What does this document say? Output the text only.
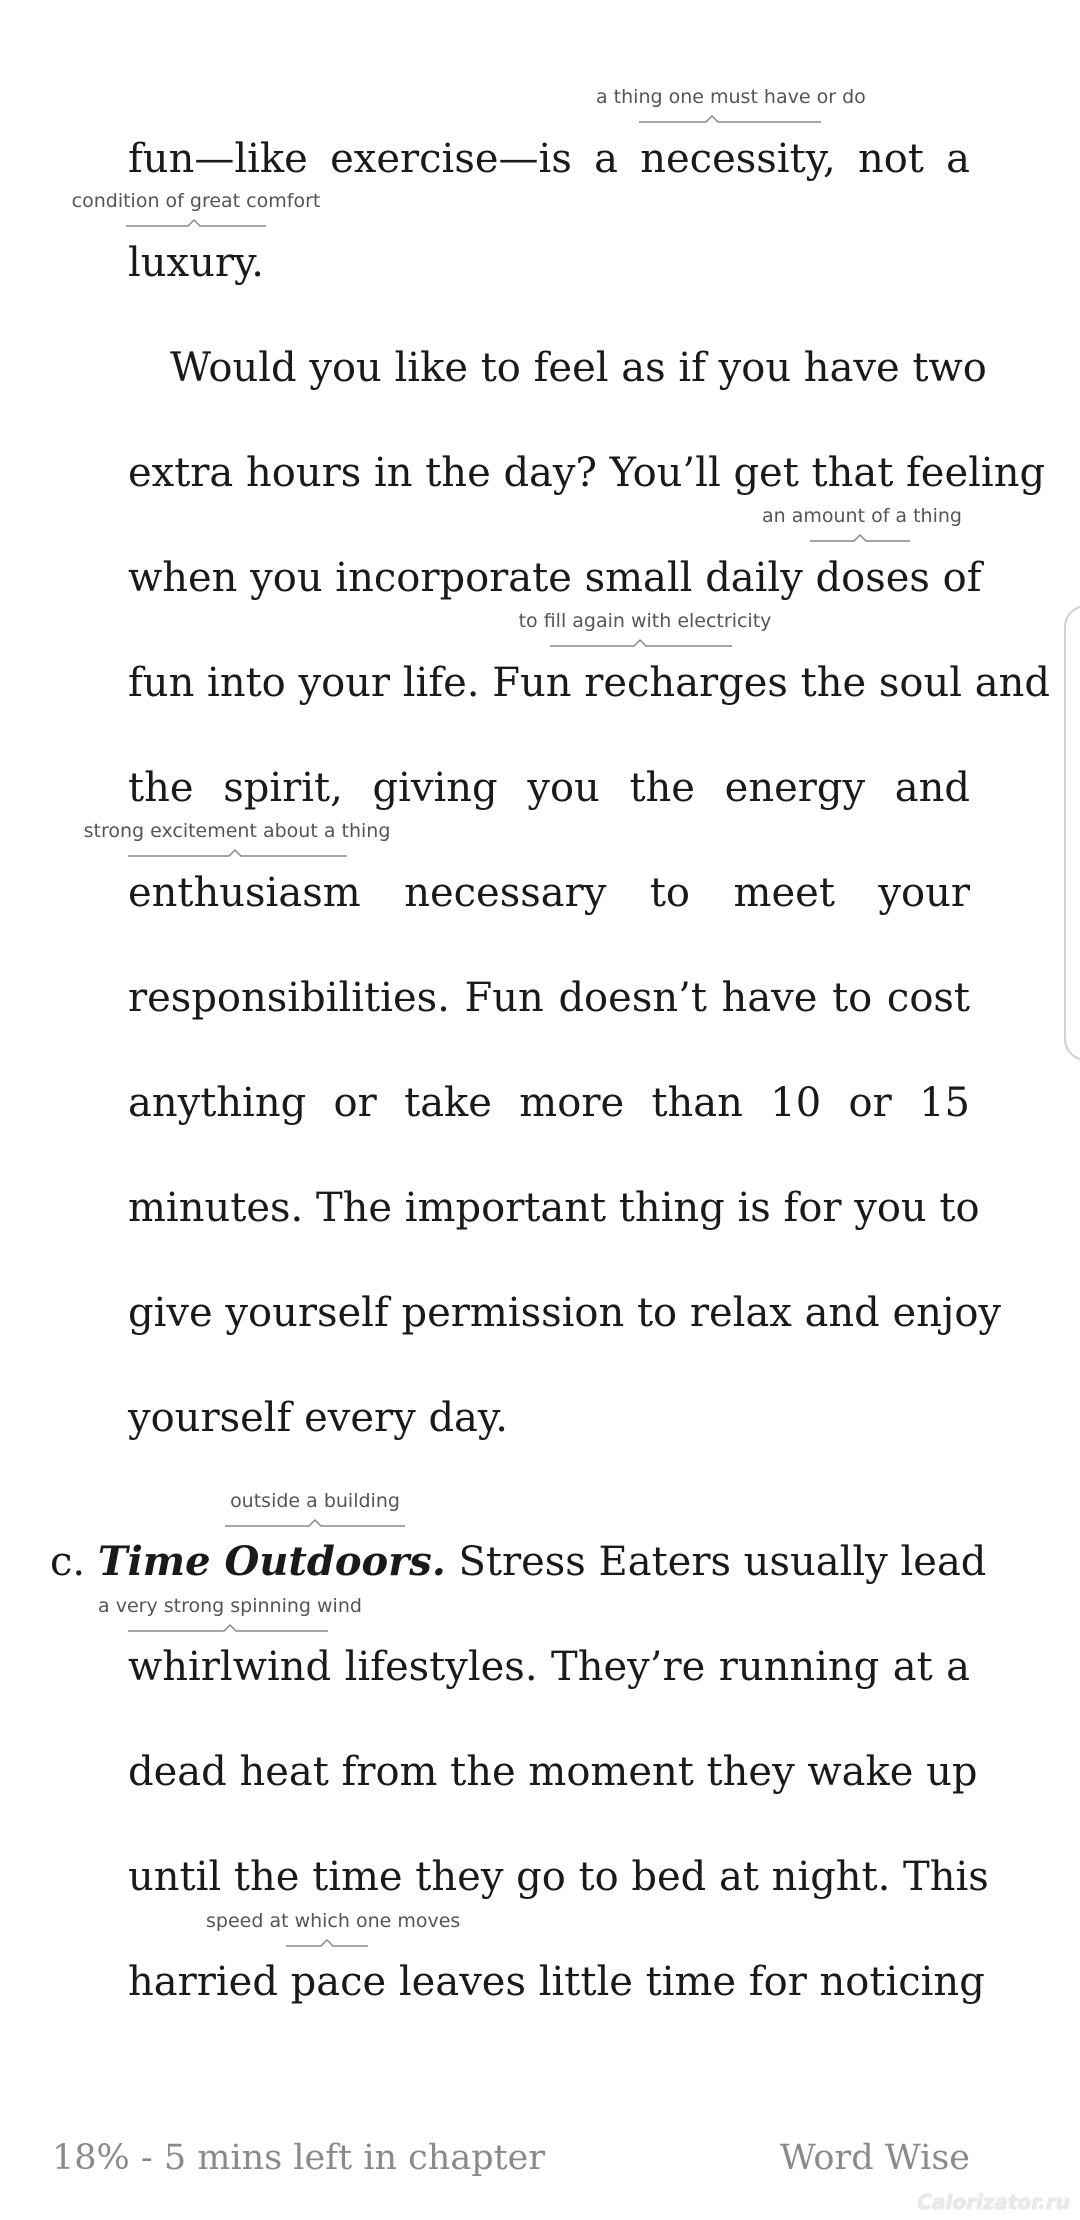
a thing one must have or do
condition of great comfort
an amount of a thing
to fill again with electricity
strong excitement about a thing
outside a building
a very strong spinning wind
speed at which one moves
fun—like exercise—is a necessity, not a
luxury.
Would you like to feel as if you have two
extra hours in the day? You’ll get that feeling
when you incorporate small daily doses of
fun into your life. Fun recharges the soul and
the spirit, giving you the energy and
enthusiasm necessary to meet your
responsibilities. Fun doesn’t have to cost
anything or take more than 10 or 15
minutes. The important thing is for you to
give yourself permission to relax and enjoy
yourself every day.
c. Time Outdoors. Stress Eaters usually lead
whirlwind lifestyles. They’re running at a
dead heat from the moment they wake up
until the time they go to bed at night. This
harried pace leaves little time for noticing
18% - 5 mins left in chapter	Word Wise
Calorizator.ru
